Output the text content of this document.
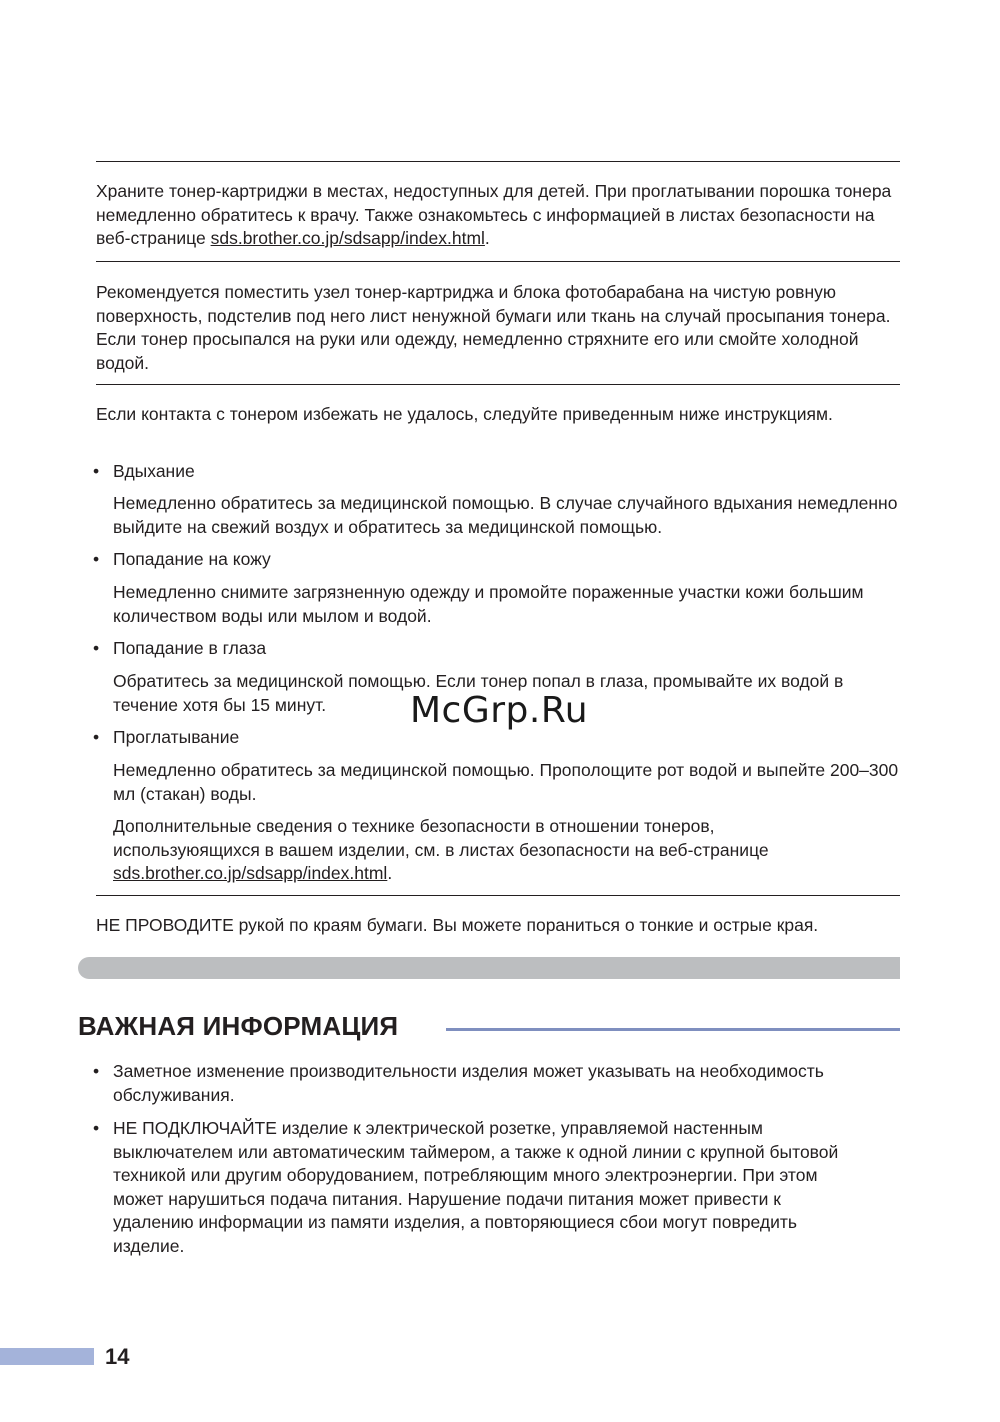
Храните тонер-картриджи в местах, недоступных для детей. При проглатывании порошка тонера немедленно обратитесь к врачу. Также ознакомьтесь с информацией в листах безопасности на веб-странице sds.brother.co.jp/sdsapp/index.html.

Рекомендуется поместить узел тонер-картриджа и блока фотобарабана на чистую ровную поверхность, подстелив под него лист ненужной бумаги или ткань на случай просыпания тонера. Если тонер просыпался на руки или одежду, немедленно стряхните его или смойте холодной водой.

Если контакта с тонером избежать не удалось, следуйте приведенным ниже инструкциям.

• Вдыхание

Немедленно обратитесь за медицинской помощью. В случае случайного вдыхания немедленно выйдите на свежий воздух и обратитесь за медицинской помощью.

• Попадание на кожу

Немедленно снимите загрязненную одежду и промойте пораженные участки кожи большим количеством воды или мылом и водой.

• Попадание в глаза

Обратитесь за медицинской помощью. Если тонер попал в глаза, промывайте их водой в течение хотя бы 15 минут.

• Проглатывание

Немедленно обратитесь за медицинской помощью. Прополощите рот водой и выпейте 200–300 мл (стакан) воды.

Дополнительные сведения о технике безопасности в отношении тонеров, используюящихся в вашем изделии, см. в листах безопасности на веб-странице sds.brother.co.jp/sdsapp/index.html.

НЕ ПРОВОДИТЕ рукой по краям бумаги. Вы можете пораниться о тонкие и острые края.

ВАЖНАЯ ИНФОРМАЦИЯ
• Заметное изменение производительности изделия может указывать на необходимость обслуживания.
• НЕ ПОДКЛЮЧАЙТЕ изделие к электрической розетке, управляемой настенным выключателем или автоматическим таймером, а также к одной линии с крупной бытовой техникой или другим оборудованием, потребляющим много электроэнергии. При этом может нарушиться подача питания. Нарушение подачи питания может привести к удалению информации из памяти изделия, а повторяющиеся сбои могут повредить изделие.
McGrp.Ru
14
